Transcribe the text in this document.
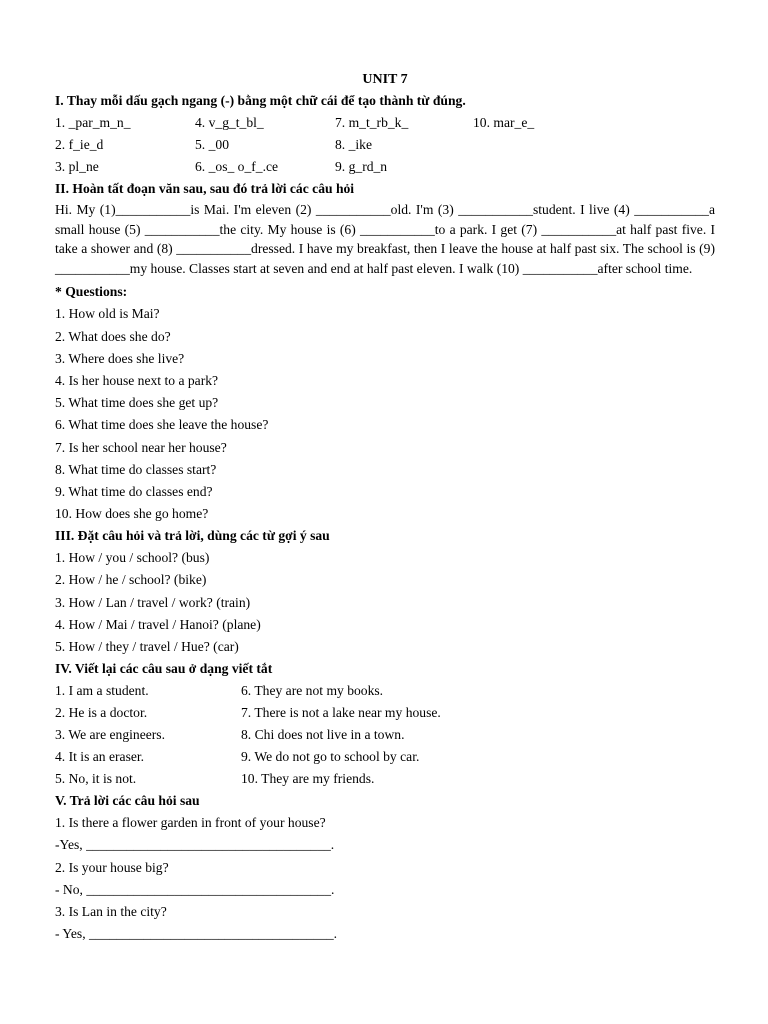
UNIT 7
I. Thay mỗi dấu gạch ngang (-) bằng một chữ cái để tạo thành từ đúng.
1. _par_m_n_	4. v_g_t_bl_	7. m_t_rb_k_	10. mar_e_
2. f_ie_d	5. _00	8. _ike
3. pl_ne	6. _os_ o_f_.ce	9. g_rd_n
II. Hoàn tất đoạn văn sau, sau đó trả lời các câu hỏi

Hi. My (1)___________is Mai. I'm eleven (2) ___________old. I'm (3) ___________student. I live (4) ___________a small house (5) ___________the city. My house is (6) ___________to a park. I get (7) ___________at half past five. I take a shower and (8) ___________dressed. I have my breakfast, then I leave the house at half past six. The school is (9) ___________my house. Classes start at seven and end at half past eleven. I walk (10) ___________after school time.

* Questions:
1. How old is Mai?
2. What does she do?
3. Where does she live?
4. Is her house next to a park?
5. What time does she get up?
6. What time does she leave the house?
7. Is her school near her house?
8. What time do classes start?
9. What time do classes end?
10. How does she go home?
III. Đặt câu hỏi và trả lời, dùng các từ gợi ý sau
1. How / you / school? (bus)
2. How / he / school? (bike)
3. How / Lan / travel / work? (train)
4. How / Mai / travel / Hanoi? (plane)
5. How / they / travel / Hue? (car)
IV. Viết lại các câu sau ở dạng viết tắt
1. I am a student.	6. They are not my books.
2. He is a doctor.	7. There is not a lake near my house.
3. We are engineers.	8. Chi does not live in a town.
4. It is an eraser.	9. We do not go to school by car.
5. No, it is not.	10. They are my friends.
V. Trả lời các câu hỏi sau
1. Is there a flower garden in front of your house?
-Yes, ____________________________________.
2. Is your house big?
- No, ____________________________________.
3. Is Lan in the city?
- Yes, ____________________________________.
